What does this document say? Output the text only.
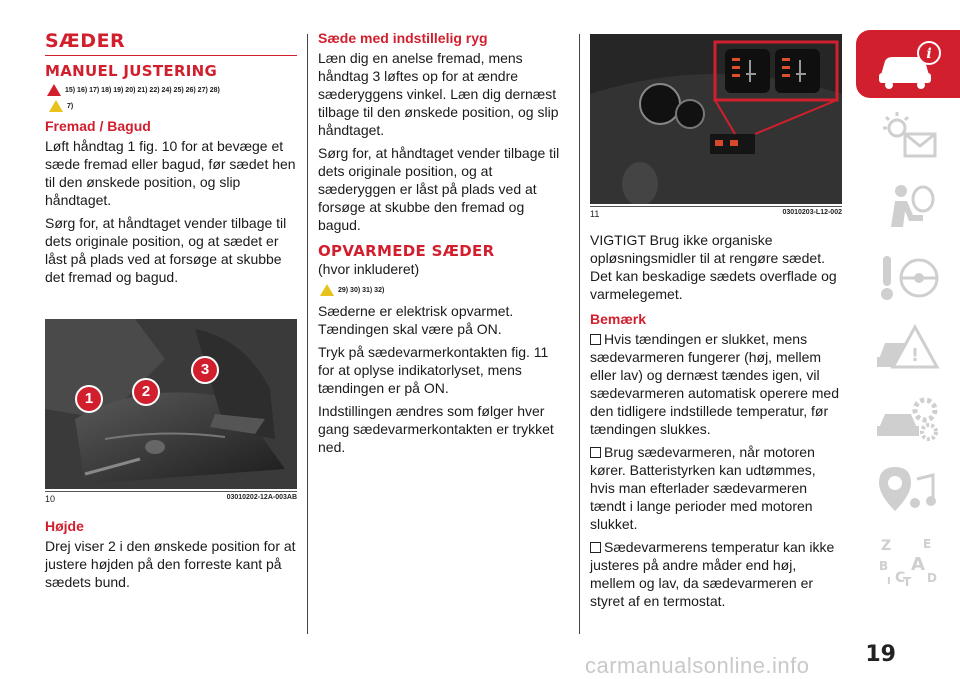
SÆDER
MANUEL JUSTERING
15) 16) 17) 18) 19) 20) 21) 22) 24) 25) 26) 27) 28)
7)
Fremad / Bagud

Løft håndtag 1 fig. 10 for at bevæge et sæde fremad eller bagud, før sædet hen til den ønskede position, og slip håndtaget.

Sørg for, at håndtaget vender tilbage til dets originale position, og at sædet er låst på plads ved at forsøge at skubbe det fremad og bagud.

1	2
3
10	03010202-12A-003AB
Højde

Drej viser 2 i den ønskede position for at justere højden på den forreste kant på sædets bund.

Sæde med indstillelig ryg

Læn dig en anelse fremad, mens håndtag 3 løftes op for at ændre sæderyggens vinkel. Læn dig dernæst tilbage til den ønskede position, og slip håndtaget.

Sørg for, at håndtaget vender tilbage til dets originale position, og at sæderyggen er låst på plads ved at forsøge at skubbe den fremad og bagud.

OPVARMEDE SÆDER

(hvor inkluderet)

29) 30) 31) 32)

Sæderne er elektrisk opvarmet. Tændingen skal være på ON.

Tryk på sædevarmerkontakten fig. 11 for at oplyse indikatorlyset, mens tændingen er på ON.

Indstillingen ændres som følger hver gang sædevarmerkontakten er trykket ned.

11	03010203-L12-002

VIGTIGT Brug ikke organiske opløsningsmidler til at rengøre sædet. Det kan beskadige sædets overflade og varmelegemet.

Bemærk

Hvis tændingen er slukket, mens sædevarmeren fungerer (høj, mellem eller lav) og dernæst tændes igen, vil sædevarmeren automatisk operere med den tidligere indstillede temperatur, før tændingen slukkes.

Brug sædevarmeren, når motoren kører. Batteristyrken kan udtømmes, hvis man efterlader sædevarmeren tændt i lange perioder med motoren slukket.

Sædevarmerens temperatur kan ikke justeres på andre måder end høj, mellem og lav, da sædevarmeren er styret af en termostat.

i
!
Z	E
B A
C
T D
I
19
carmanualsonline.info
